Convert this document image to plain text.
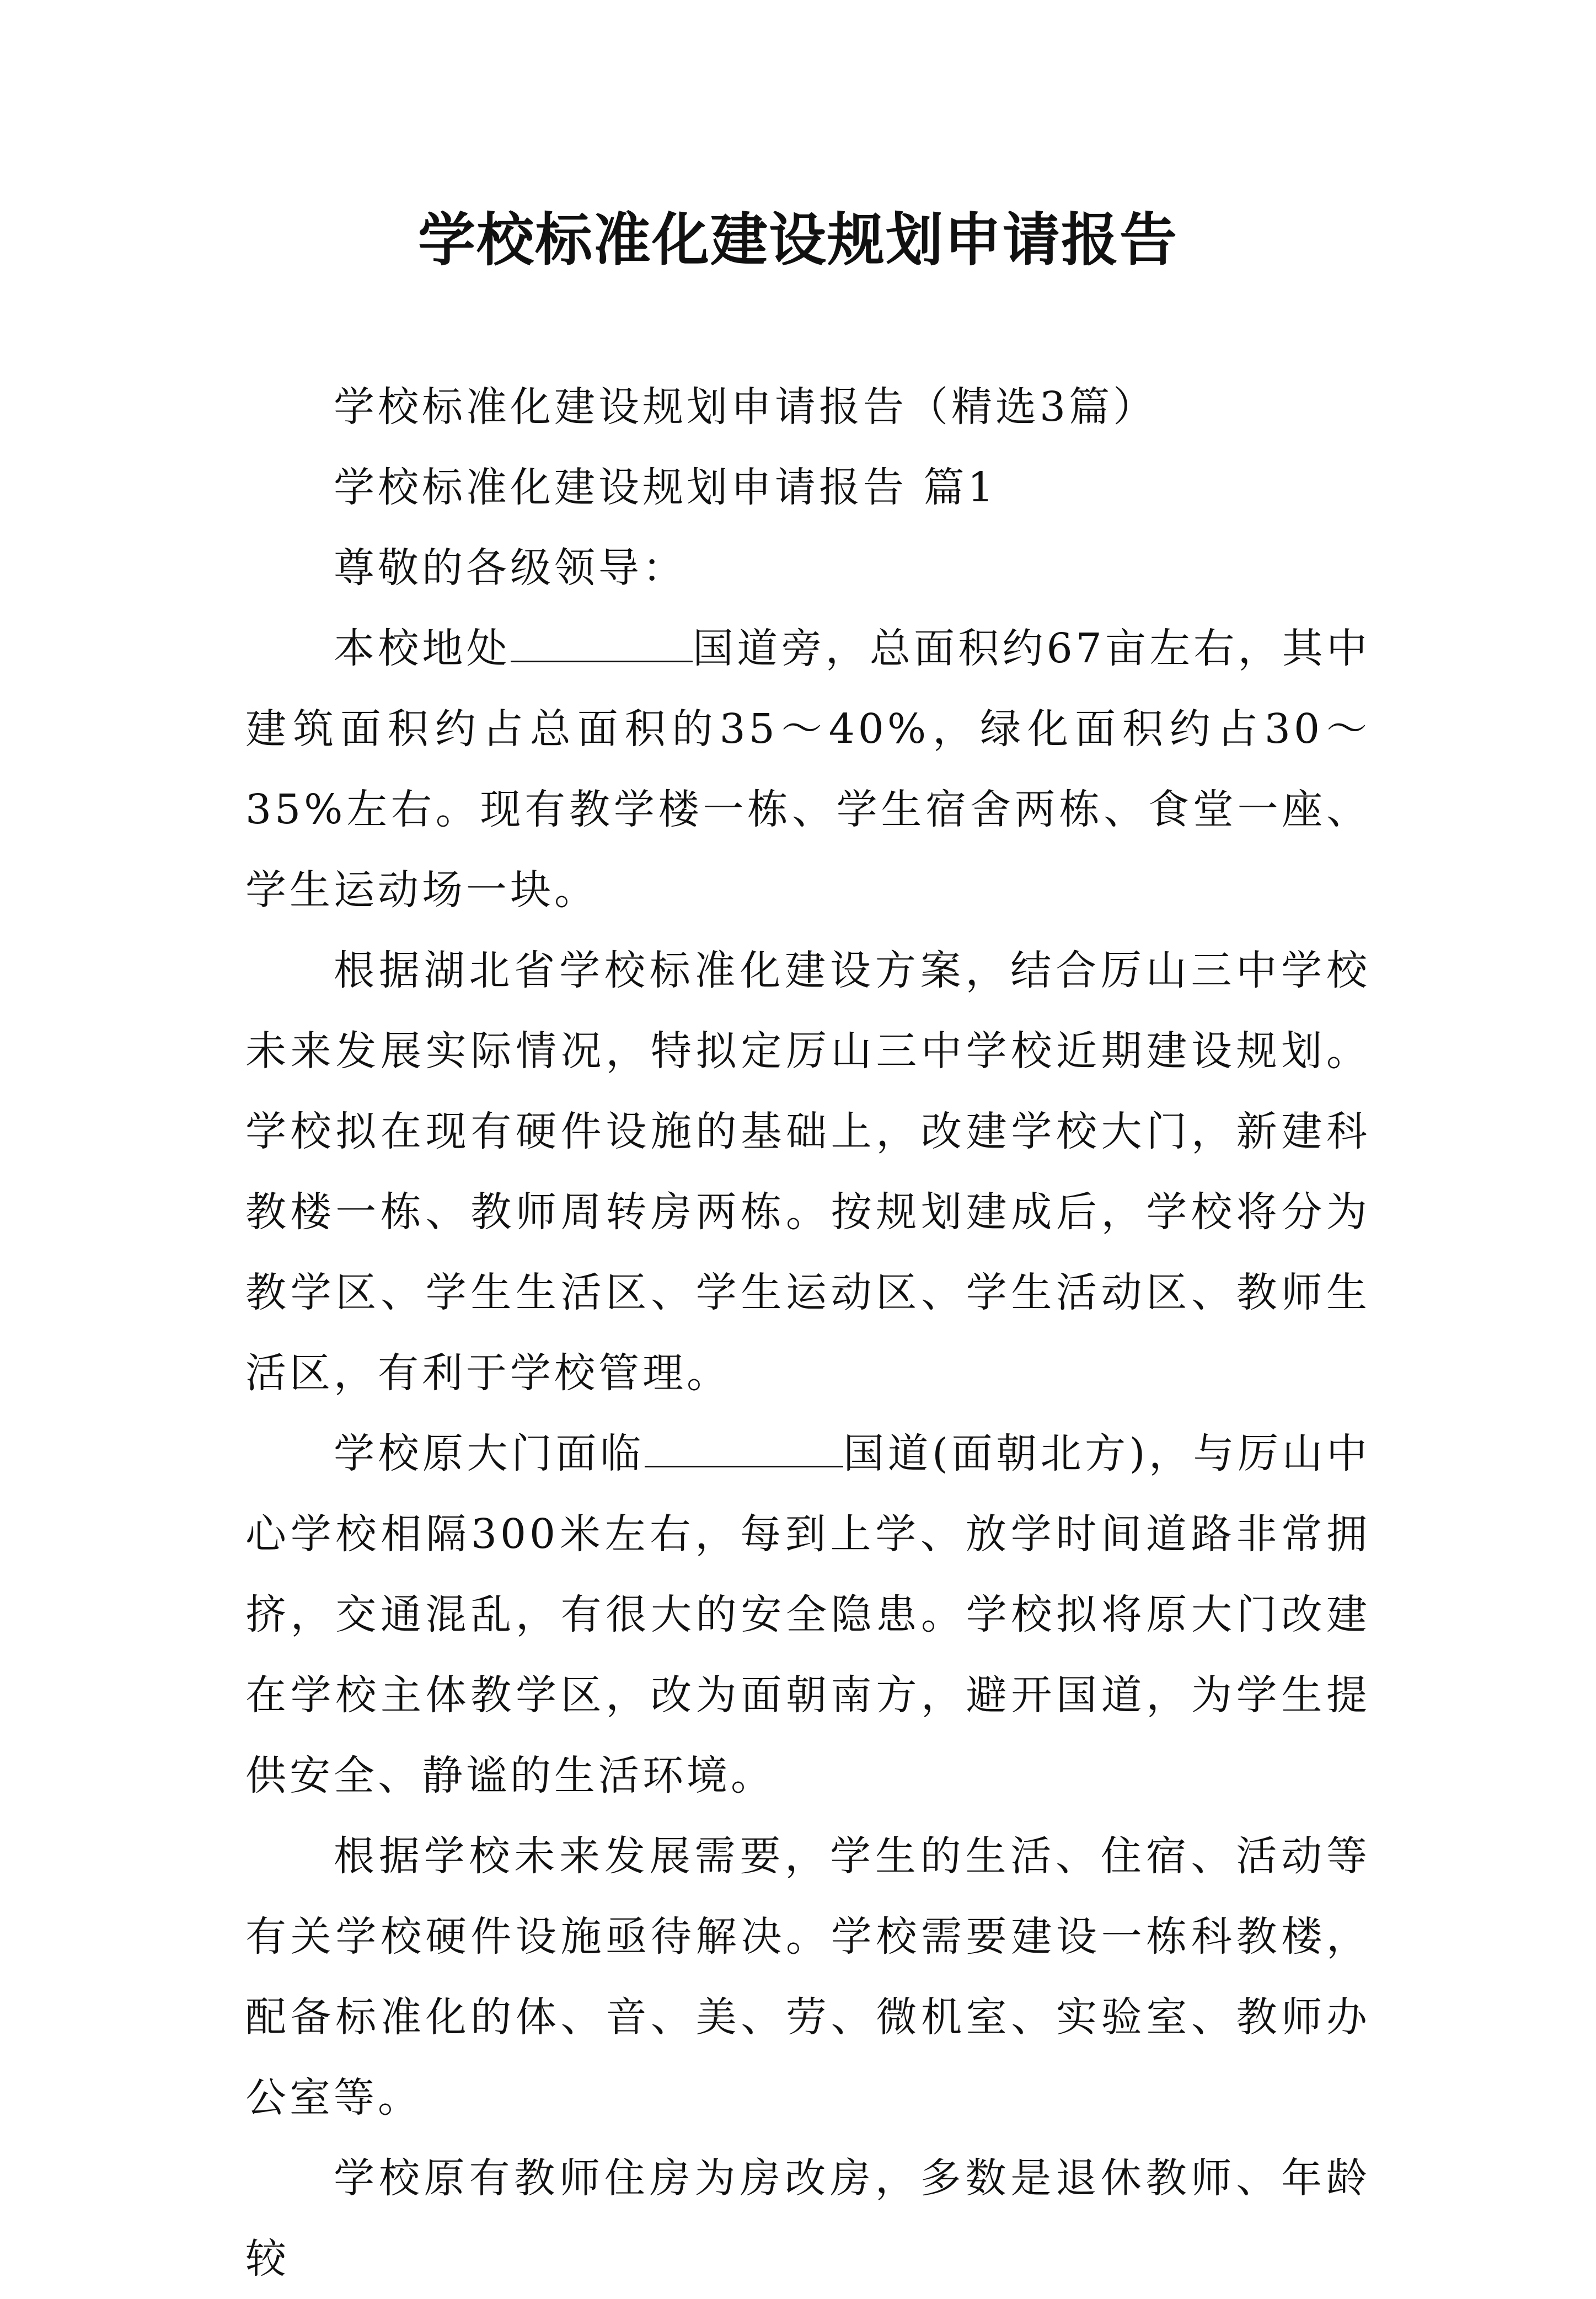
学校标准化建设规划申请报告

学校标准化建设规划申请报告（精选3篇）

学校标准化建设规划申请报告 篇1

尊敬的各级领导：

本校地处	国道旁，总面积约67亩左右，其中建筑面积约占总面积的35～40%，绿化面积约占30～35%左右。现有教学楼一栋、学生宿舍两栋、食堂一座、学生运动场一块。

根据湖北省学校标准化建设方案，结合厉山三中学校未来发展实际情况，特拟定厉山三中学校近期建设规划。学校拟在现有硬件设施的基础上，改建学校大门，新建科教楼一栋、教师周转房两栋。按规划建成后，学校将分为教学区、学生生活区、学生运动区、学生活动区、教师生活区，有利于学校管理。

学校原大门面临	国道(面朝北方)，与厉山中心学校相隔300米左右，每到上学、放学时间道路非常拥挤，交通混乱，有很大的安全隐患。学校拟将原大门改建在学校主体教学区，改为面朝南方，避开国道，为学生提供安全、静谧的生活环境。

根据学校未来发展需要，学生的生活、住宿、活动等有关学校硬件设施亟待解决。学校需要建设一栋科教楼，配备标准化的体、音、美、劳、微机室、实验室、教师办公室等。

学校原有教师住房为房改房，多数是退休教师、年龄较
